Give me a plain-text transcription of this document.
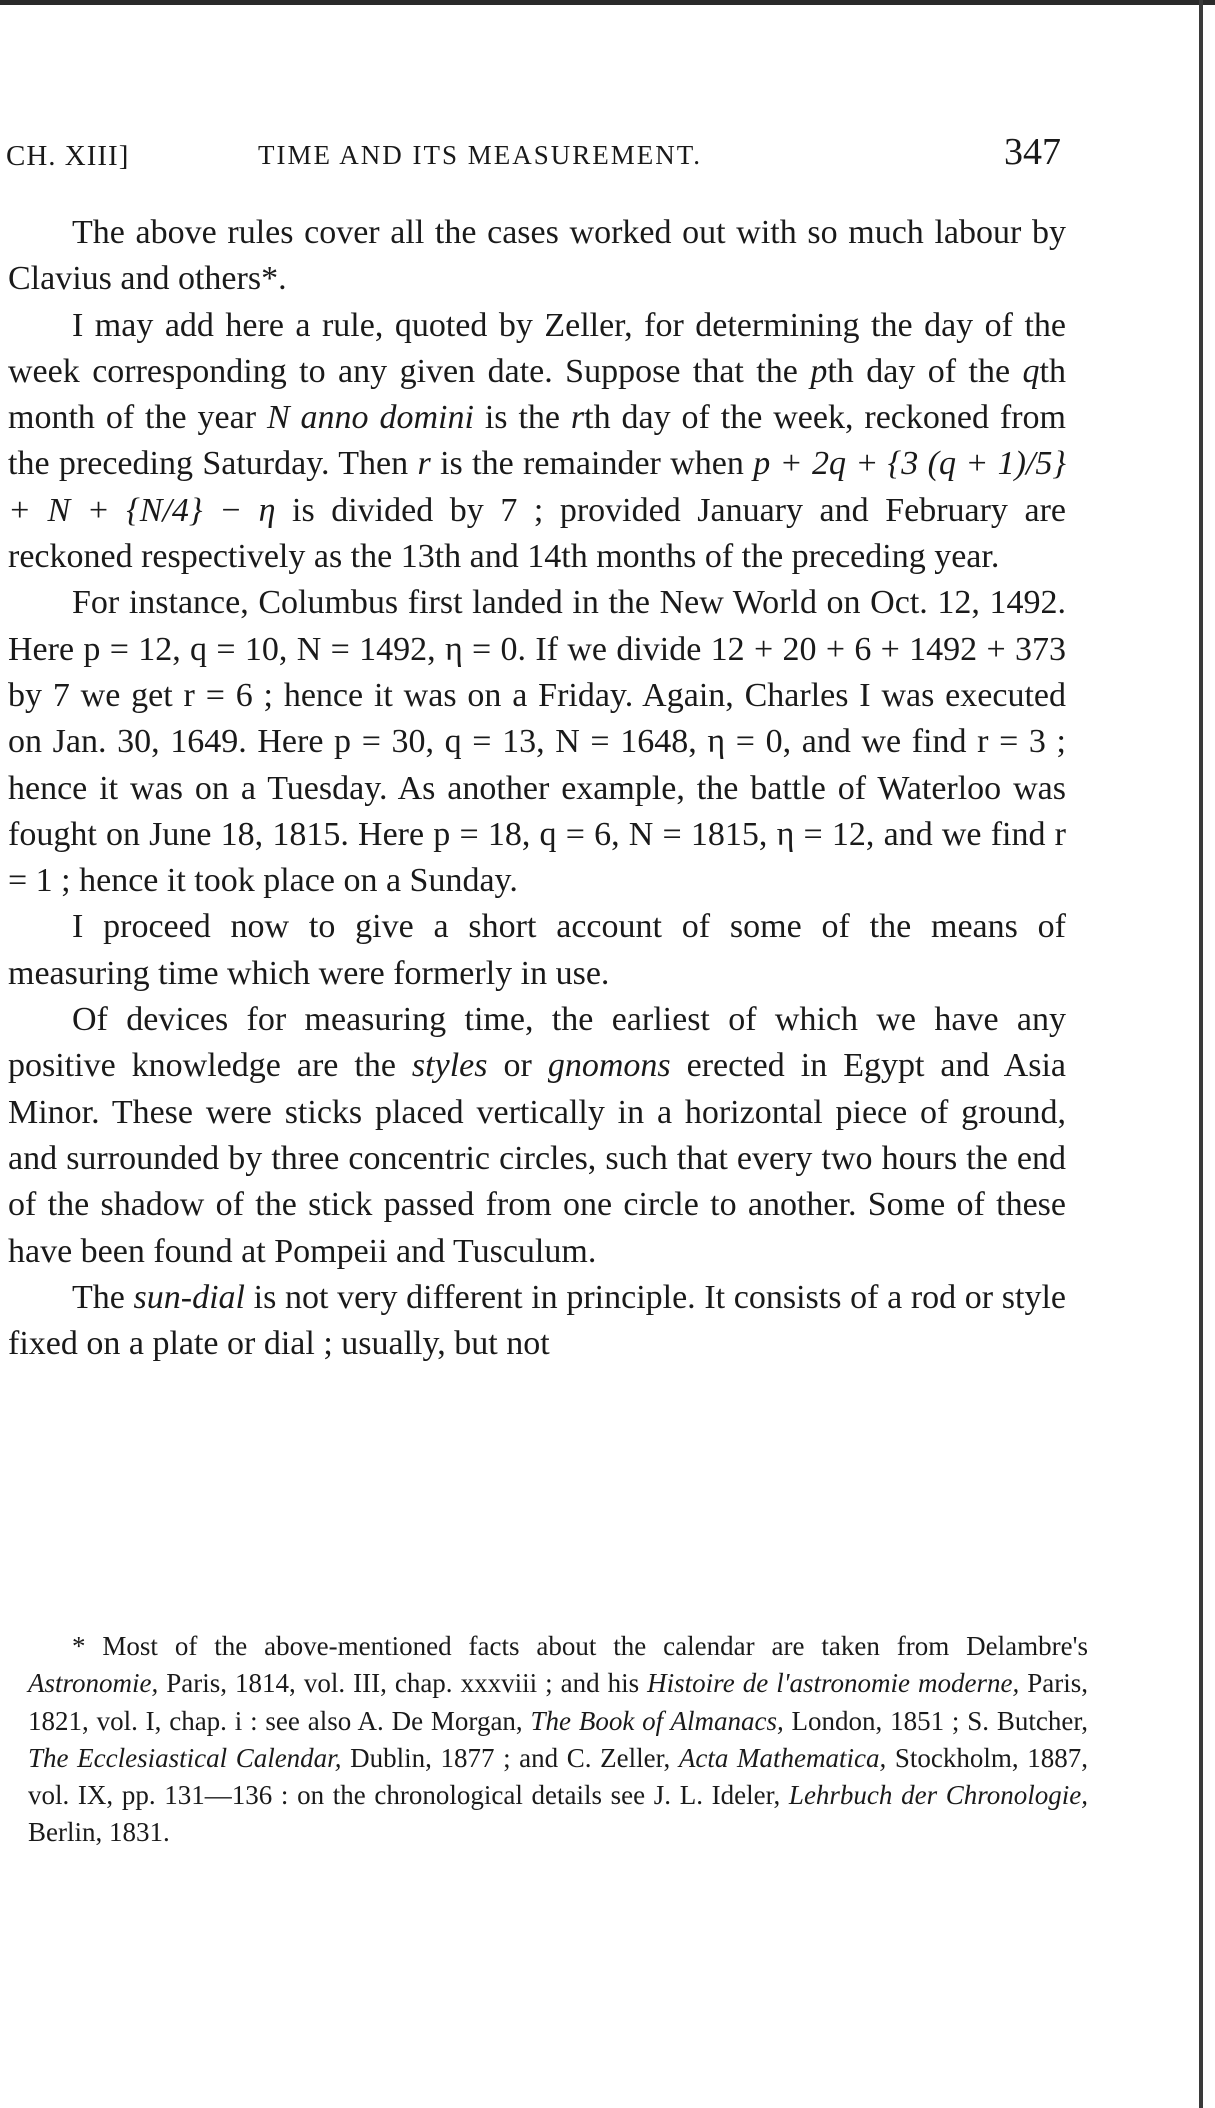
CH. XIII]	TIME AND ITS MEASUREMENT.	347

The above rules cover all the cases worked out with so much labour by Clavius and others*.

I may add here a rule, quoted by Zeller, for determining the day of the week corresponding to any given date. Suppose that the pth day of the qth month of the year N anno domini is the rth day of the week, reckoned from the preceding Saturday. Then r is the remainder when p + 2q + {3 (q + 1)/5} + N + {N/4} − η is divided by 7 ; provided January and February are reckoned respectively as the 13th and 14th months of the preceding year.

For instance, Columbus first landed in the New World on Oct. 12, 1492. Here p = 12, q = 10, N = 1492, η = 0. If we divide 12 + 20 + 6 + 1492 + 373 by 7 we get r = 6 ; hence it was on a Friday. Again, Charles I was executed on Jan. 30, 1649. Here p = 30, q = 13, N = 1648, η = 0, and we find r = 3 ; hence it was on a Tuesday. As another example, the battle of Waterloo was fought on June 18, 1815. Here p = 18, q = 6, N = 1815, η = 12, and we find r = 1 ; hence it took place on a Sunday.

I proceed now to give a short account of some of the means of measuring time which were formerly in use.

Of devices for measuring time, the earliest of which we have any positive knowledge are the styles or gnomons erected in Egypt and Asia Minor. These were sticks placed vertically in a horizontal piece of ground, and surrounded by three concentric circles, such that every two hours the end of the shadow of the stick passed from one circle to another. Some of these have been found at Pompeii and Tusculum.

The sun-dial is not very different in principle. It consists of a rod or style fixed on a plate or dial ; usually, but not

* Most of the above-mentioned facts about the calendar are taken from Delambre's Astronomie, Paris, 1814, vol. III, chap. xxxviii ; and his Histoire de l'astronomie moderne, Paris, 1821, vol. I, chap. i : see also A. De Morgan, The Book of Almanacs, London, 1851 ; S. Butcher, The Ecclesiastical Calendar, Dublin, 1877 ; and C. Zeller, Acta Mathematica, Stockholm, 1887, vol. IX, pp. 131—136 : on the chronological details see J. L. Ideler, Lehrbuch der Chronologie, Berlin, 1831.
